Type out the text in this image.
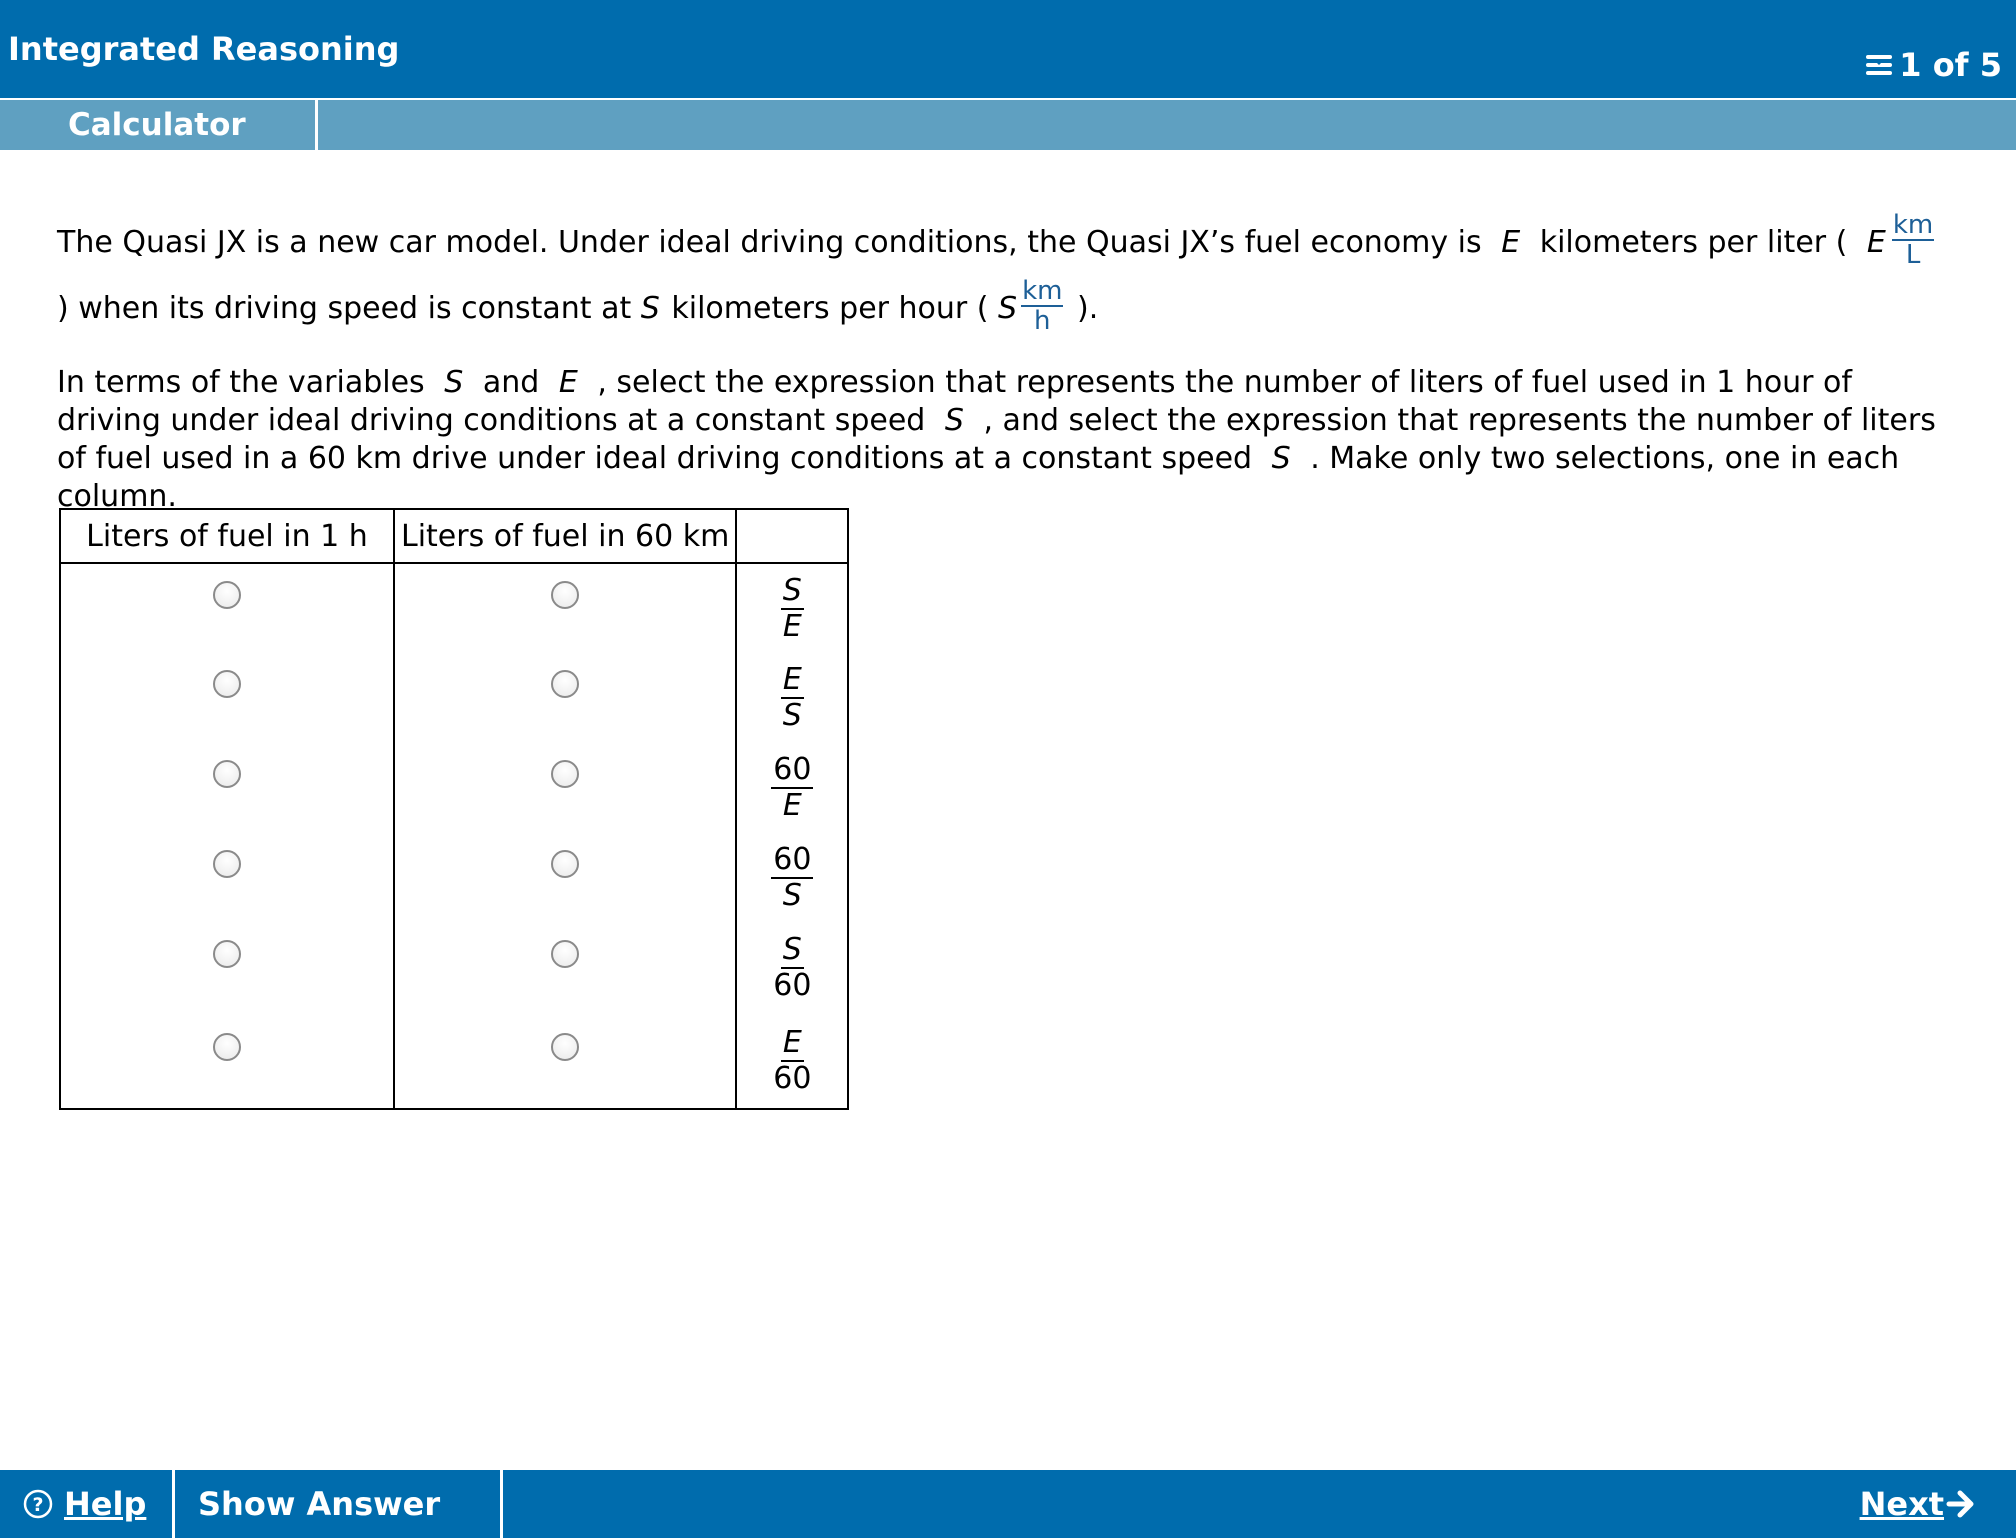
Integrated Reasoning	1 of 5
Calculator

The Quasi JX is a new car model. Under ideal driving conditions, the Quasi JX’s fuel economy is E kilometers per liter ( E $\frac{km}{L}$
) when its driving speed is constant at S kilometers per hour ( S $\frac{km}{h}$ ).

In terms of the variables S and E , select the expression that represents the number of liters of fuel used in 1 hour of driving under ideal driving conditions at a constant speed S , and select the expression that represents the number of liters of fuel used in a 60 km drive under ideal driving conditions at a constant speed S . Make only two selections, one in each column.

Liters of fuel in 1 h	Liters of fuel in 60 km	

		$\frac{S}{E}$

		$\frac{E}{S}$

		$\frac{60}{E}$

		$\frac{60}{S}$

		$\frac{S}{60}$

		$\frac{E}{60}$
? Help Show Answer	Next
